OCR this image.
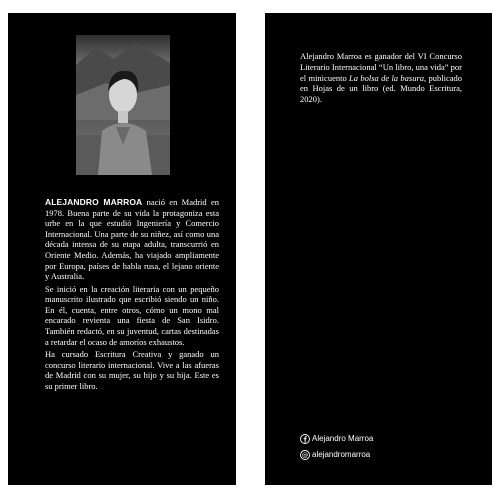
ALEJANDRO MARROA nació en Madrid en 1978. Buena parte de su vida la protagoniza esta urbe en la que estudió Ingeniería y Comercio Internacional. Una parte de su niñez, así como una década intensa de su etapa adulta, transcurrió en Oriente Medio. Además, ha viajado ampliamente por Europa, países de habla rusa, el lejano oriente y Australia.

Se inició en la creación literaria con un pequeño manuscrito ilustrado que escribió siendo un niño. En él, cuenta, entre otros, cómo un mono mal encarado revienta una fiesta de San Isidro. También redactó, en su juventud, cartas destinadas a retardar el ocaso de amoríos exhaustos.

Ha cursado Escritura Creativa y ganado un concurso literario internacional. Vive a las afueras de Madrid con su mujer, su hijo y su hija. Este es su primer libro.

Alejandro Marroa es ganador del VI Concurso Literario Internacional “Un libro, una vida” por el minicuento La bolsa de la basura, publicado en Hojas de un libro (ed. Mundo Escritura, 2020).

Alejandro Marroa
@ alejandromarroa
